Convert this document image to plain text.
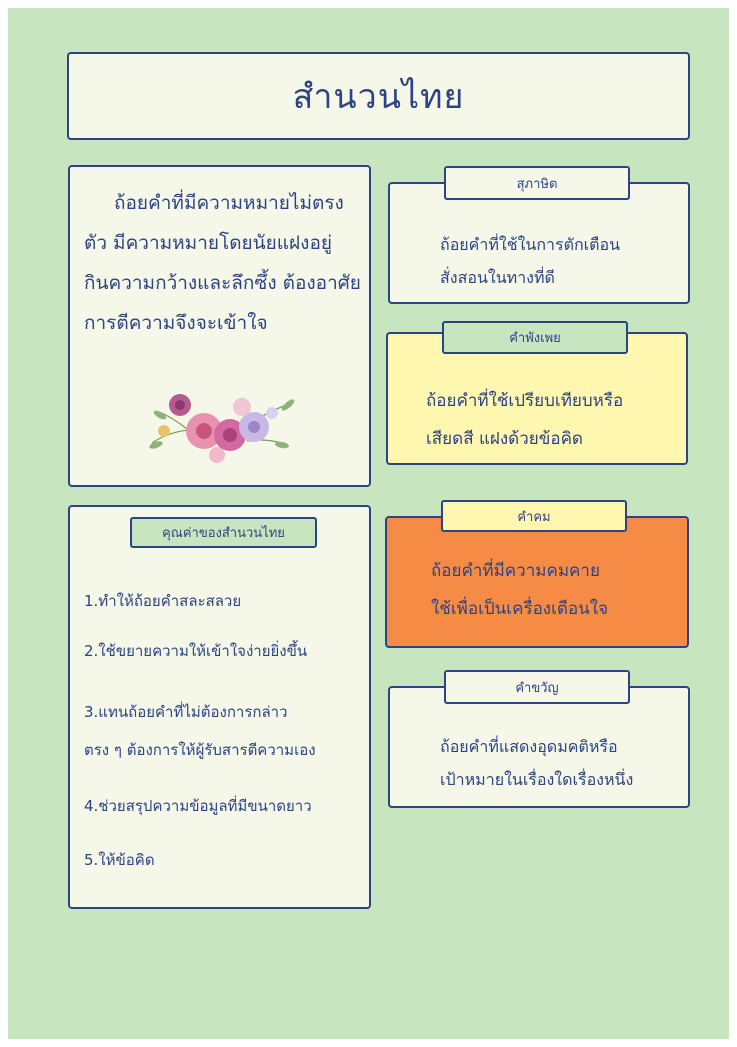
สำนวนไทย
ถ้อยคำที่มีความหมายไม่ตรงตัว มีความหมายโดยนัยแฝงอยู่ กินความกว้างและลึกซึ้ง ต้องอาศัยการตีความจึงจะเข้าใจ
คุณค่าของสำนวนไทย
1.ทำให้ถ้อยคำสละสลวย
2.ใช้ขยายความให้เข้าใจง่ายยิ่งขึ้น
3.แทนถ้อยคำที่ไม่ต้องการกล่าว
ตรง ๆ ต้องการให้ผู้รับสารตีความเอง
4.ช่วยสรุปความข้อมูลที่มีขนาดยาว
5.ให้ข้อคิด
ถ้อยคำที่ใช้ในการตักเตือน
สั่งสอนในทางที่ดี
สุภาษิต
ถ้อยคำที่ใช้เปรียบเทียบหรือ
เสียดสี แฝงด้วยข้อคิด
คำพังเพย
ถ้อยคำที่มีความคมคาย
ใช้เพื่อเป็นเครื่องเตือนใจ
คำคม
ถ้อยคำที่แสดงอุดมคติหรือ
เป้าหมายในเรื่องใดเรื่องหนึ่ง
คำขวัญ
